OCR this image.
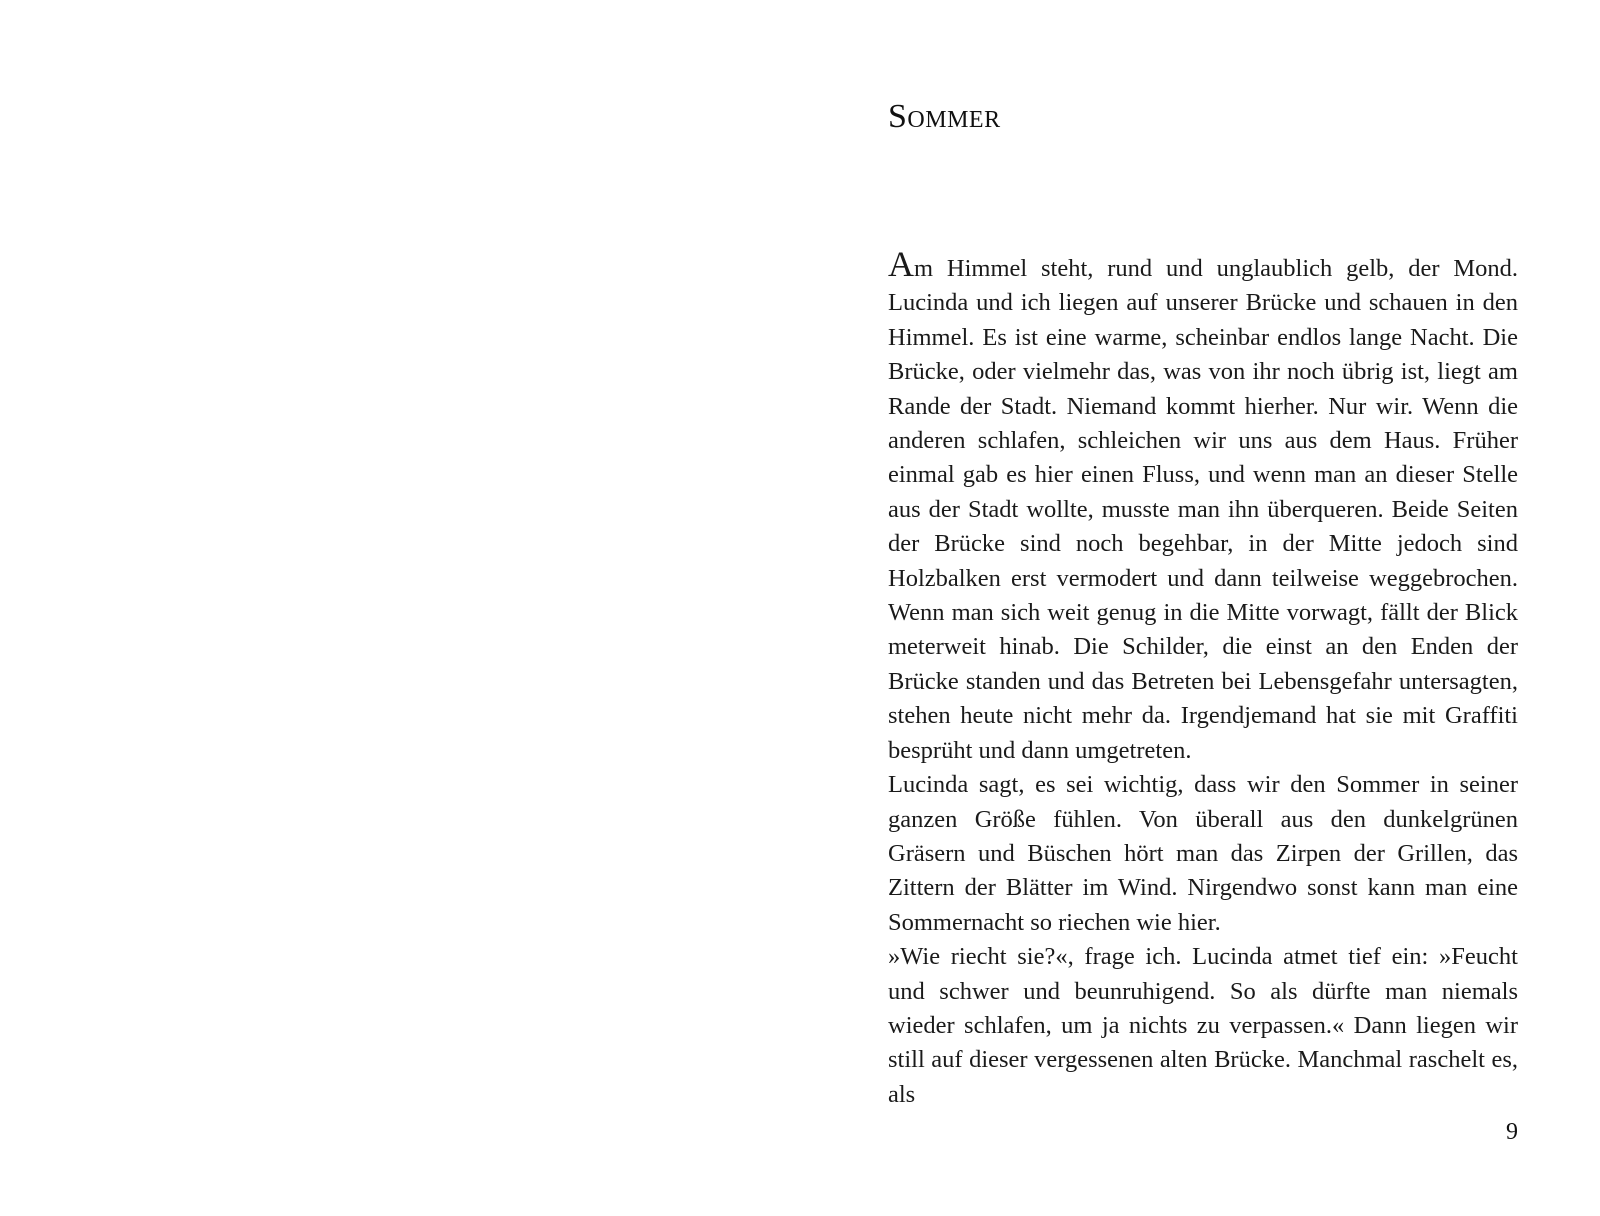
Sommer

Am Himmel steht, rund und unglaublich gelb, der Mond. Lucinda und ich liegen auf unserer Brücke und schauen in den Himmel. Es ist eine warme, scheinbar endlos lange Nacht. Die Brücke, oder vielmehr das, was von ihr noch übrig ist, liegt am Rande der Stadt. Niemand kommt hierher. Nur wir. Wenn die anderen schlafen, schleichen wir uns aus dem Haus. Früher einmal gab es hier einen Fluss, und wenn man an dieser Stelle aus der Stadt wollte, musste man ihn überqueren. Beide Seiten der Brücke sind noch begehbar, in der Mitte jedoch sind Holzbalken erst vermodert und dann teilweise weggebrochen. Wenn man sich weit genug in die Mitte vorwagt, fällt der Blick meterweit hinab. Die Schilder, die einst an den Enden der Brücke standen und das Betreten bei Lebensgefahr untersagten, stehen heute nicht mehr da. Irgendjemand hat sie mit Graffiti besprüht und dann umgetreten.

Lucinda sagt, es sei wichtig, dass wir den Sommer in seiner ganzen Größe fühlen. Von überall aus den dunkelgrünen Gräsern und Büschen hört man das Zirpen der Grillen, das Zittern der Blätter im Wind. Nirgendwo sonst kann man eine Sommernacht so riechen wie hier.

»Wie riecht sie?«, frage ich. Lucinda atmet tief ein: »Feucht und schwer und beunruhigend. So als dürfte man niemals wieder schlafen, um ja nichts zu verpassen.« Dann liegen wir still auf dieser vergessenen alten Brücke. Manchmal raschelt es, als

9
